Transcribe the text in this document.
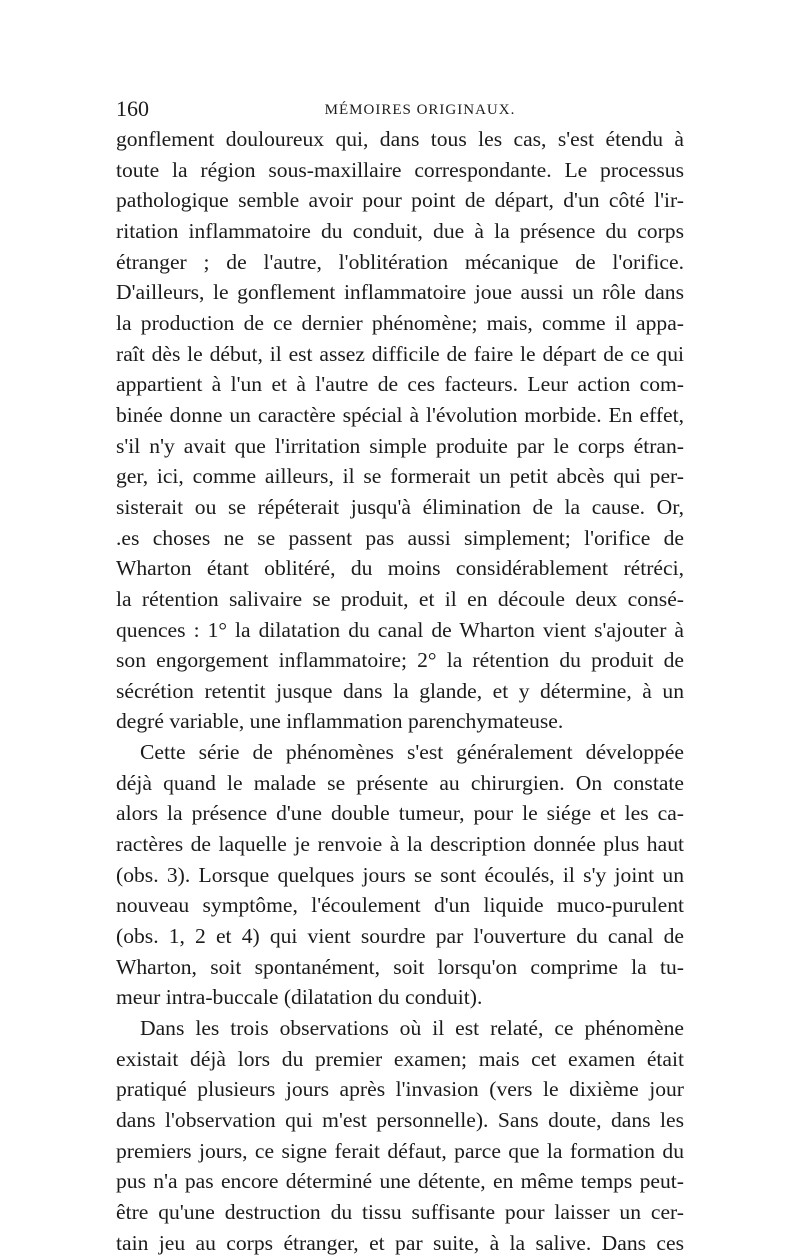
160	MÉMOIRES ORIGINAUX.
gonflement douloureux qui, dans tous les cas, s'est étendu à
toute la région sous-maxillaire correspondante. Le processus
pathologique semble avoir pour point de départ, d'un côté l'ir-
ritation inflammatoire du conduit, due à la présence du corps
étranger ; de l'autre, l'oblitération mécanique de l'orifice.
D'ailleurs, le gonflement inflammatoire joue aussi un rôle dans
la production de ce dernier phénomène; mais, comme il appa-
raît dès le début, il est assez difficile de faire le départ de ce qui
appartient à l'un et à l'autre de ces facteurs. Leur action com-
binée donne un caractère spécial à l'évolution morbide. En effet,
s'il n'y avait que l'irritation simple produite par le corps étran-
ger, ici, comme ailleurs, il se formerait un petit abcès qui per-
sisterait ou se répéterait jusqu'à élimination de la cause. Or,
.es choses ne se passent pas aussi simplement; l'orifice de
Wharton étant oblitéré, du moins considérablement rétréci,
la rétention salivaire se produit, et il en découle deux consé-
quences : 1° la dilatation du canal de Wharton vient s'ajouter à
son engorgement inflammatoire; 2° la rétention du produit de
sécrétion retentit jusque dans la glande, et y détermine, à un
degré variable, une inflammation parenchymateuse.
Cette série de phénomènes s'est généralement développée
déjà quand le malade se présente au chirurgien. On constate
alors la présence d'une double tumeur, pour le siége et les ca-
ractères de laquelle je renvoie à la description donnée plus haut
(obs. 3). Lorsque quelques jours se sont écoulés, il s'y joint un
nouveau symptôme, l'écoulement d'un liquide muco-purulent
(obs. 1, 2 et 4) qui vient sourdre par l'ouverture du canal de
Wharton, soit spontanément, soit lorsqu'on comprime la tu-
meur intra-buccale (dilatation du conduit).
Dans les trois observations où il est relaté, ce phénomène
existait déjà lors du premier examen; mais cet examen était
pratiqué plusieurs jours après l'invasion (vers le dixième jour
dans l'observation qui m'est personnelle). Sans doute, dans les
premiers jours, ce signe ferait défaut, parce que la formation du
pus n'a pas encore déterminé une détente, en même temps peut-
être qu'une destruction du tissu suffisante pour laisser un cer-
tain jeu au corps étranger, et par suite, à la salive. Dans ces
